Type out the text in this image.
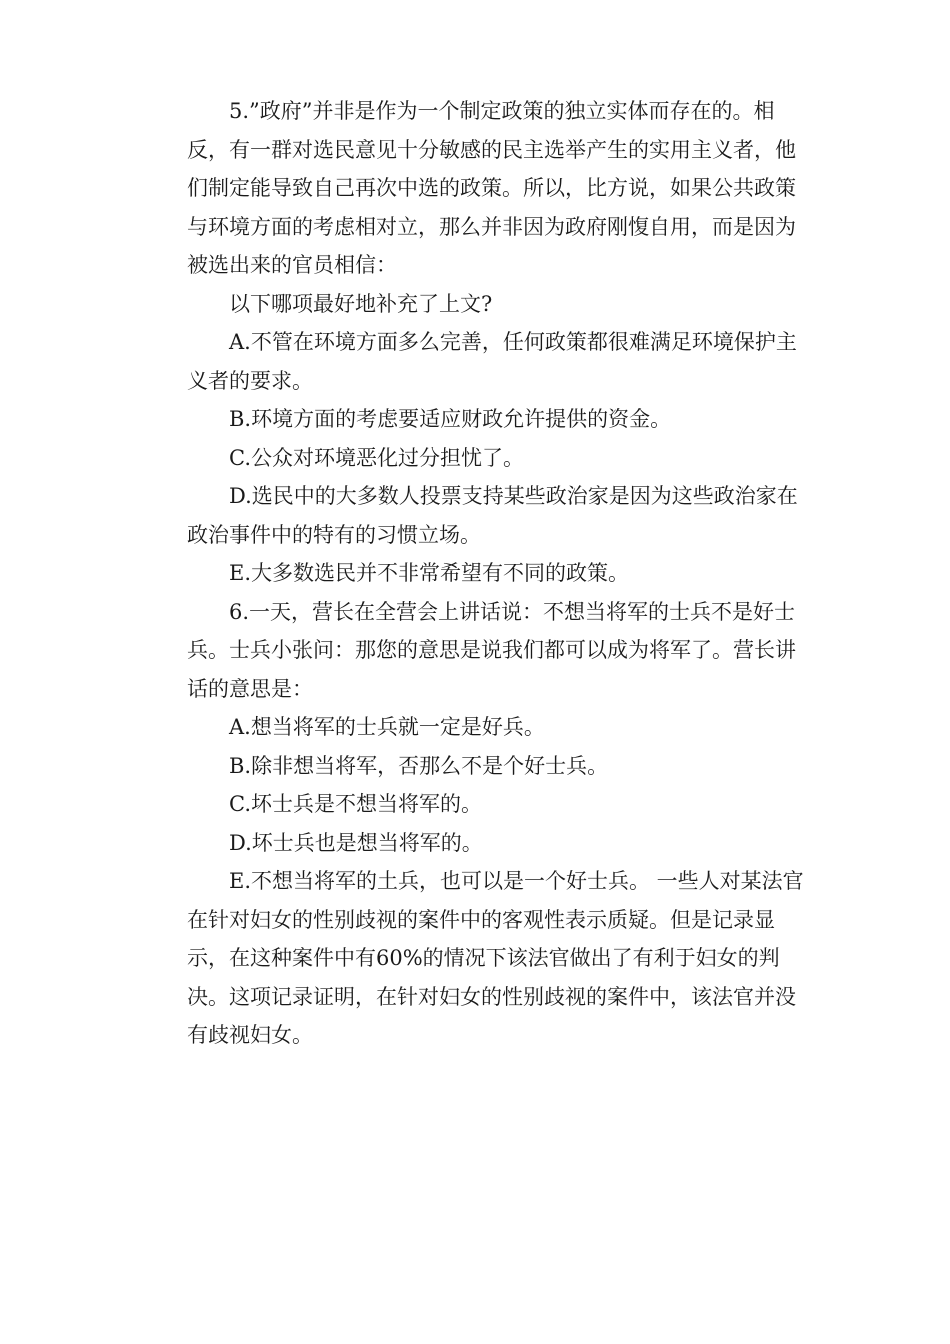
5.”政府”并非是作为一个制定政策的独立实体而存在的。相
反，有一群对选民意见十分敏感的民主选举产生的实用主义者，他
们制定能导致自己再次中选的政策。所以，比方说，如果公共政策
与环境方面的考虑相对立，那么并非因为政府刚愎自用，而是因为
被选出来的官员相信：

以下哪项最好地补充了上文?

A.不管在环境方面多么完善，任何政策都很难满足环境保护主
义者的要求。

B.环境方面的考虑要适应财政允许提供的资金。

C.公众对环境恶化过分担忧了。

D.选民中的大多数人投票支持某些政治家是因为这些政治家在
政治事件中的特有的习惯立场。

E.大多数选民并不非常希望有不同的政策。

6.一天，营长在全营会上讲话说：不想当将军的士兵不是好士
兵。士兵小张问：那您的意思是说我们都可以成为将军了。营长讲
话的意思是：

A.想当将军的士兵就一定是好兵。

B.除非想当将军，否那么不是个好士兵。

C.坏士兵是不想当将军的。

D.坏士兵也是想当将军的。

E.不想当将军的土兵，也可以是一个好士兵。 一些人对某法官
在针对妇女的性别歧视的案件中的客观性表示质疑。但是记录显
示，在这种案件中有60%的情况下该法官做出了有利于妇女的判
决。这项记录证明，在针对妇女的性别歧视的案件中，该法官并没
有歧视妇女。
